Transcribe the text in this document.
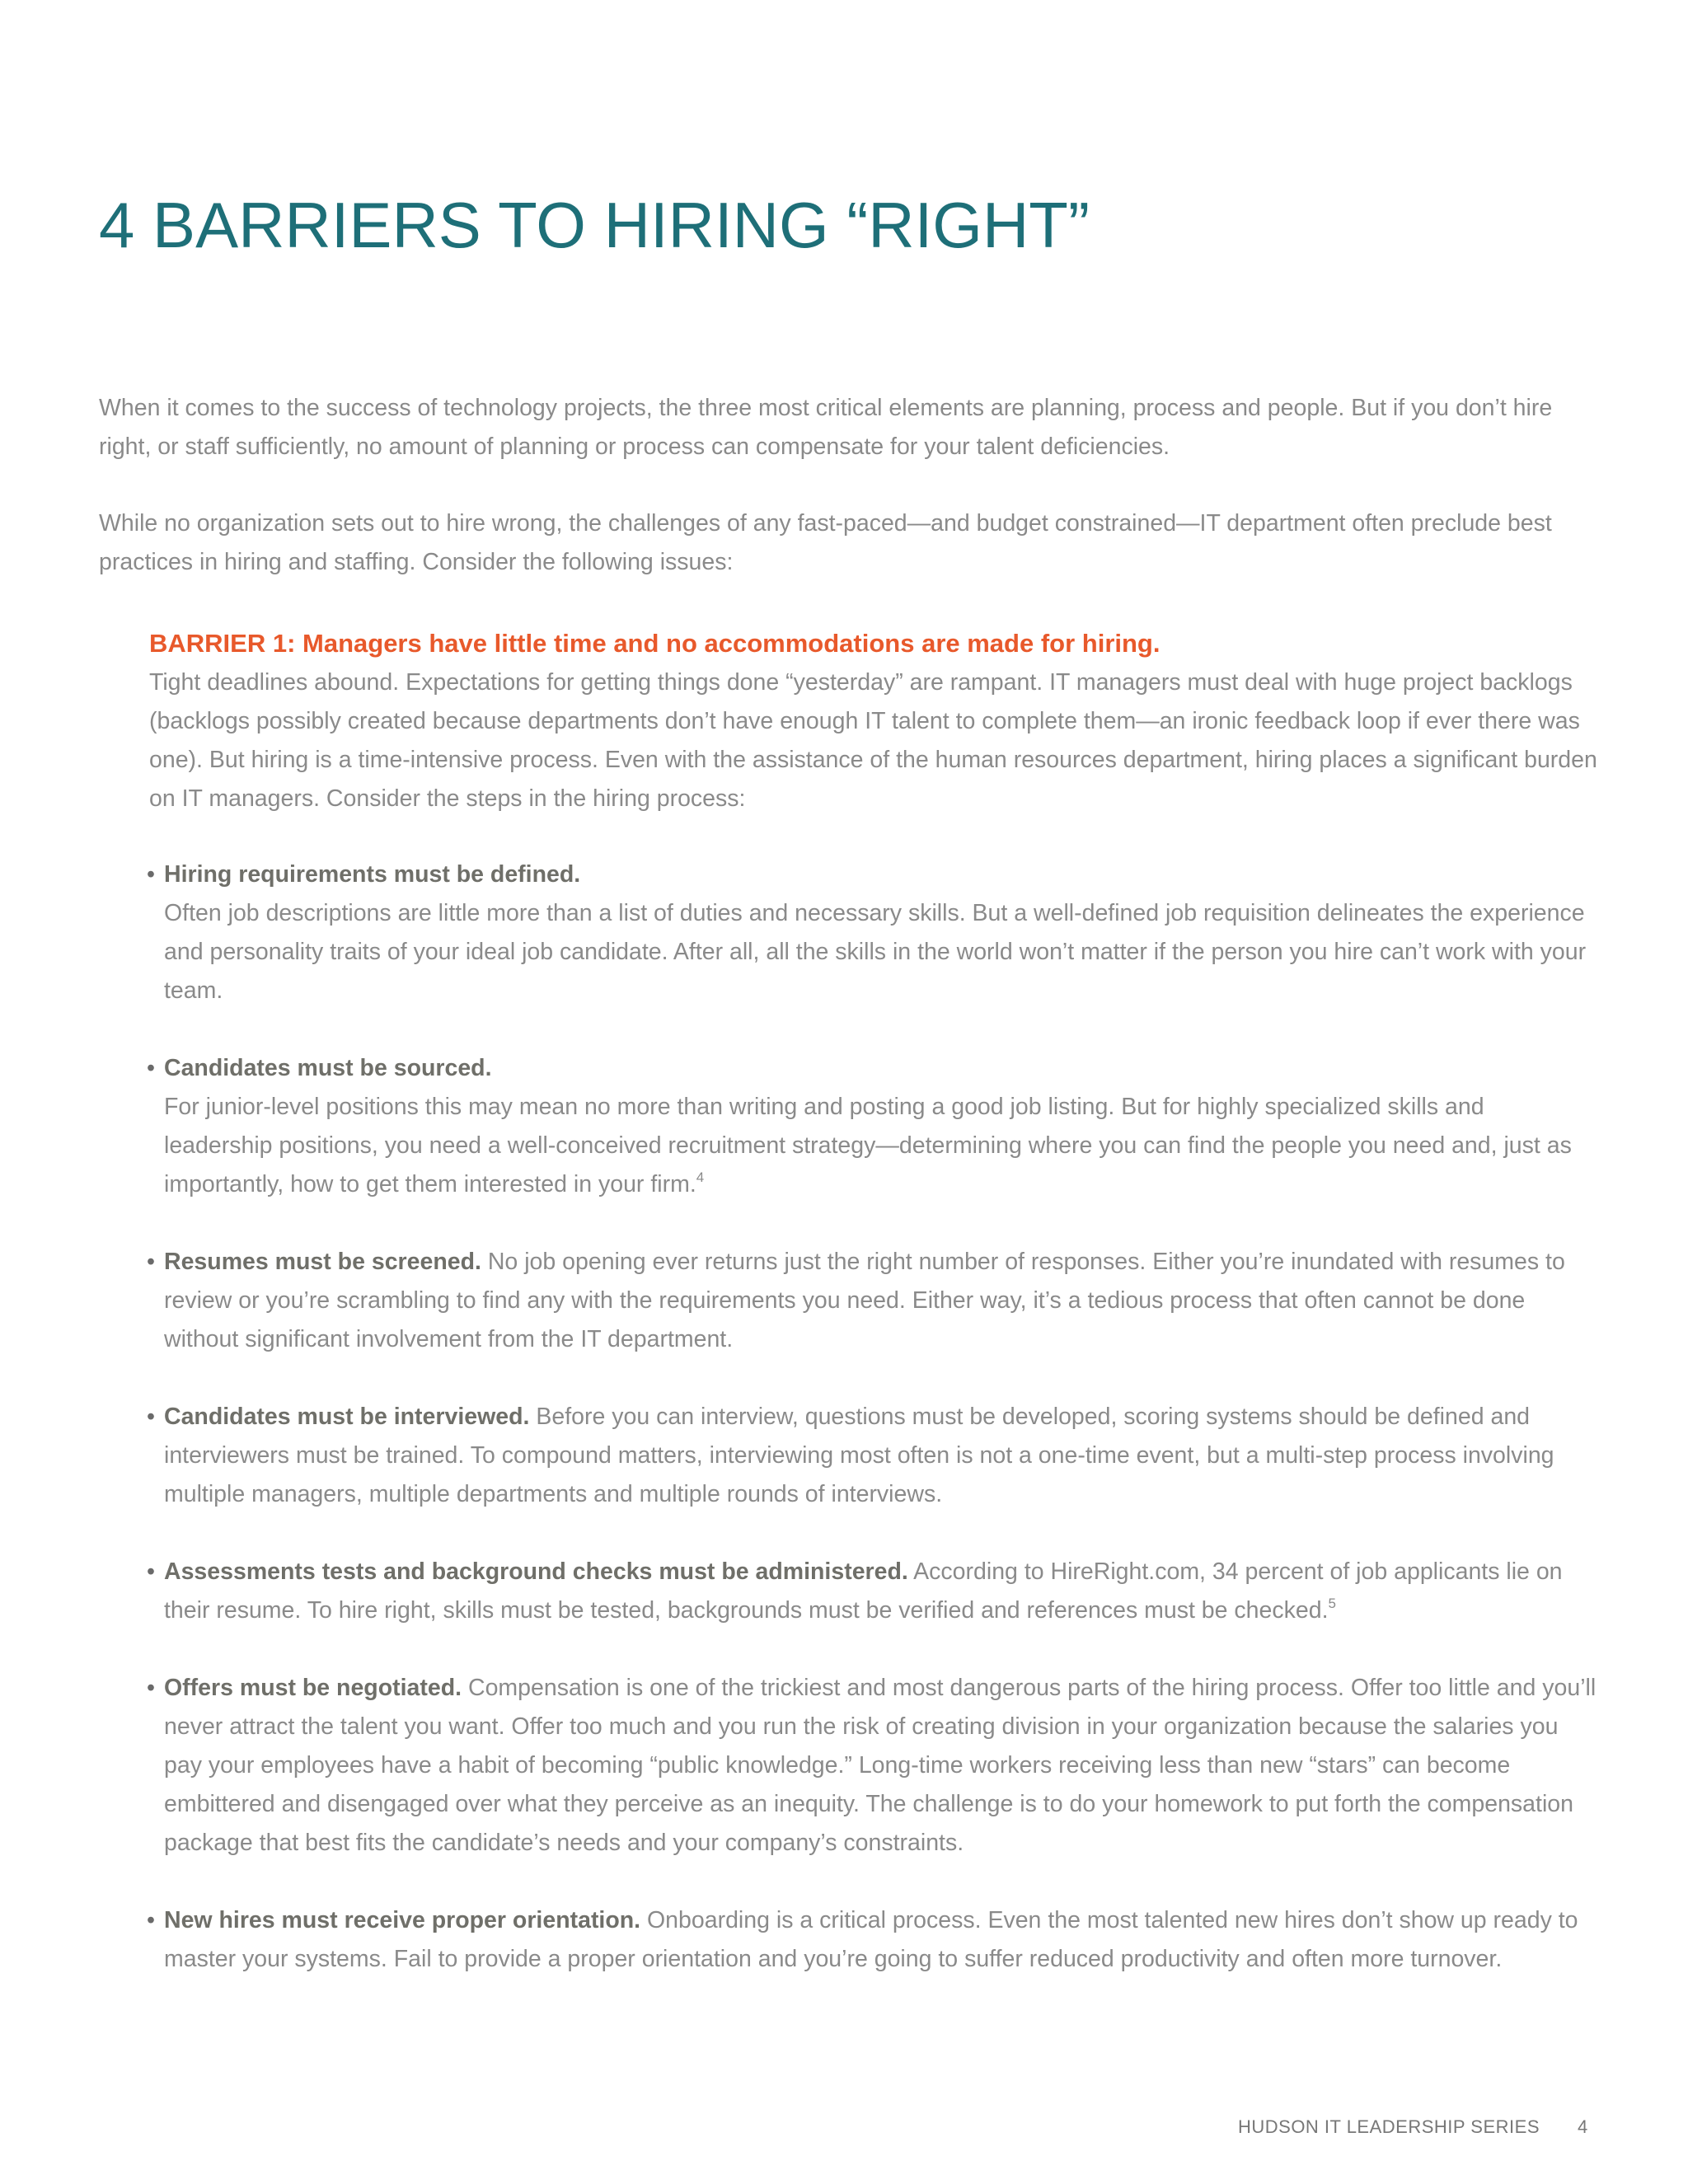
4 BARRIERS TO HIRING “RIGHT”

When it comes to the success of technology projects, the three most critical elements are planning, process and people. But if you don’t hire right, or staff sufficiently, no amount of planning or process can compensate for your talent deficiencies.

While no organization sets out to hire wrong, the challenges of any fast-paced—and budget constrained—IT department often preclude best practices in hiring and staffing. Consider the following issues:

BARRIER 1: Managers have little time and no accommodations are made for hiring.

Tight deadlines abound. Expectations for getting things done “yesterday” are rampant. IT managers must deal with huge project backlogs (backlogs possibly created because departments don’t have enough IT talent to complete them—an ironic feedback loop if ever there was one). But hiring is a time-intensive process. Even with the assistance of the human resources department, hiring places a significant burden on IT managers. Consider the steps in the hiring process:

• Hiring requirements must be defined.
Often job descriptions are little more than a list of duties and necessary skills. But a well-defined job requisition delineates the experience and personality traits of your ideal job candidate. After all, all the skills in the world won’t matter if the person you hire can’t work with your team.
• Candidates must be sourced.
For junior-level positions this may mean no more than writing and posting a good job listing. But for highly specialized skills and leadership positions, you need a well-conceived recruitment strategy—determining where you can find the people you need and, just as importantly, how to get them interested in your firm.$^4$
• Resumes must be screened. No job opening ever returns just the right number of responses. Either you’re inundated with resumes to review or you’re scrambling to find any with the requirements you need. Either way, it’s a tedious process that often cannot be done without significant involvement from the IT department.
• Candidates must be interviewed. Before you can interview, questions must be developed, scoring systems should be defined and interviewers must be trained. To compound matters, interviewing most often is not a one-time event, but a multi-step process involving multiple managers, multiple departments and multiple rounds of interviews.
• Assessments tests and background checks must be administered. According to HireRight.com, 34 percent of job applicants lie on their resume. To hire right, skills must be tested, backgrounds must be verified and references must be checked.$^5$
• Offers must be negotiated. Compensation is one of the trickiest and most dangerous parts of the hiring process. Offer too little and you’ll never attract the talent you want. Offer too much and you run the risk of creating division in your organization because the salaries you pay your employees have a habit of becoming “public knowledge.” Long-time workers receiving less than new “stars” can become embittered and disengaged over what they perceive as an inequity. The challenge is to do your homework to put forth the compensation package that best fits the candidate’s needs and your company’s constraints.
• New hires must receive proper orientation. Onboarding is a critical process. Even the most talented new hires don’t show up ready to master your systems. Fail to provide a proper orientation and you’re going to suffer reduced productivity and often more turnover.
HUDSON IT LEADERSHIP SERIES 4
